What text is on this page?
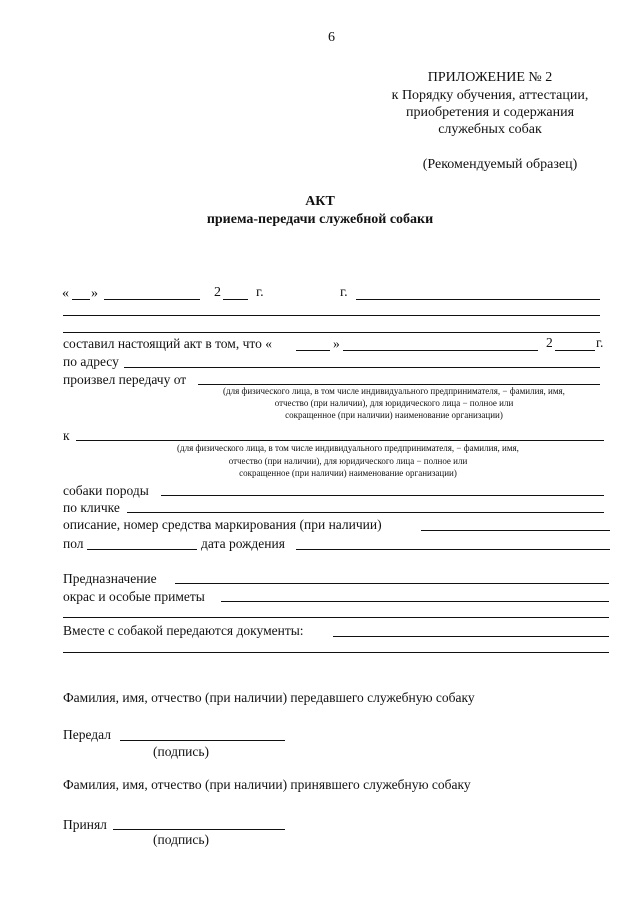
6
ПРИЛОЖЕНИЕ № 2
к Порядку обучения, аттестации,
приобретения и содержания
служебных собак
(Рекомендуемый образец)
АКТ
приема-передачи служебной собаки
« »	2	г.	г.
составил настоящий акт в том, что «	»	2	г.
по адресу
произвел передачу от
(для физического лица, в том числе индивидуального предпринимателя, − фамилия, имя,
отчество (при наличии), для юридического лица − полное или
сокращенное (при наличии) наименование организации)
к
(для физического лица, в том числе индивидуального предпринимателя, − фамилия, имя,
отчество (при наличии), для юридического лица − полное или
сокращенное (при наличии) наименование организации)
собаки породы
по кличке
описание, номер средства маркирования (при наличии)
пол	дата рождения
Предназначение
окрас и особые приметы
Вместе с собакой передаются документы:
Фамилия, имя, отчество (при наличии) передавшего служебную собаку
Передал
(подпись)
Фамилия, имя, отчество (при наличии) принявшего служебную собаку
Принял
(подпись)
